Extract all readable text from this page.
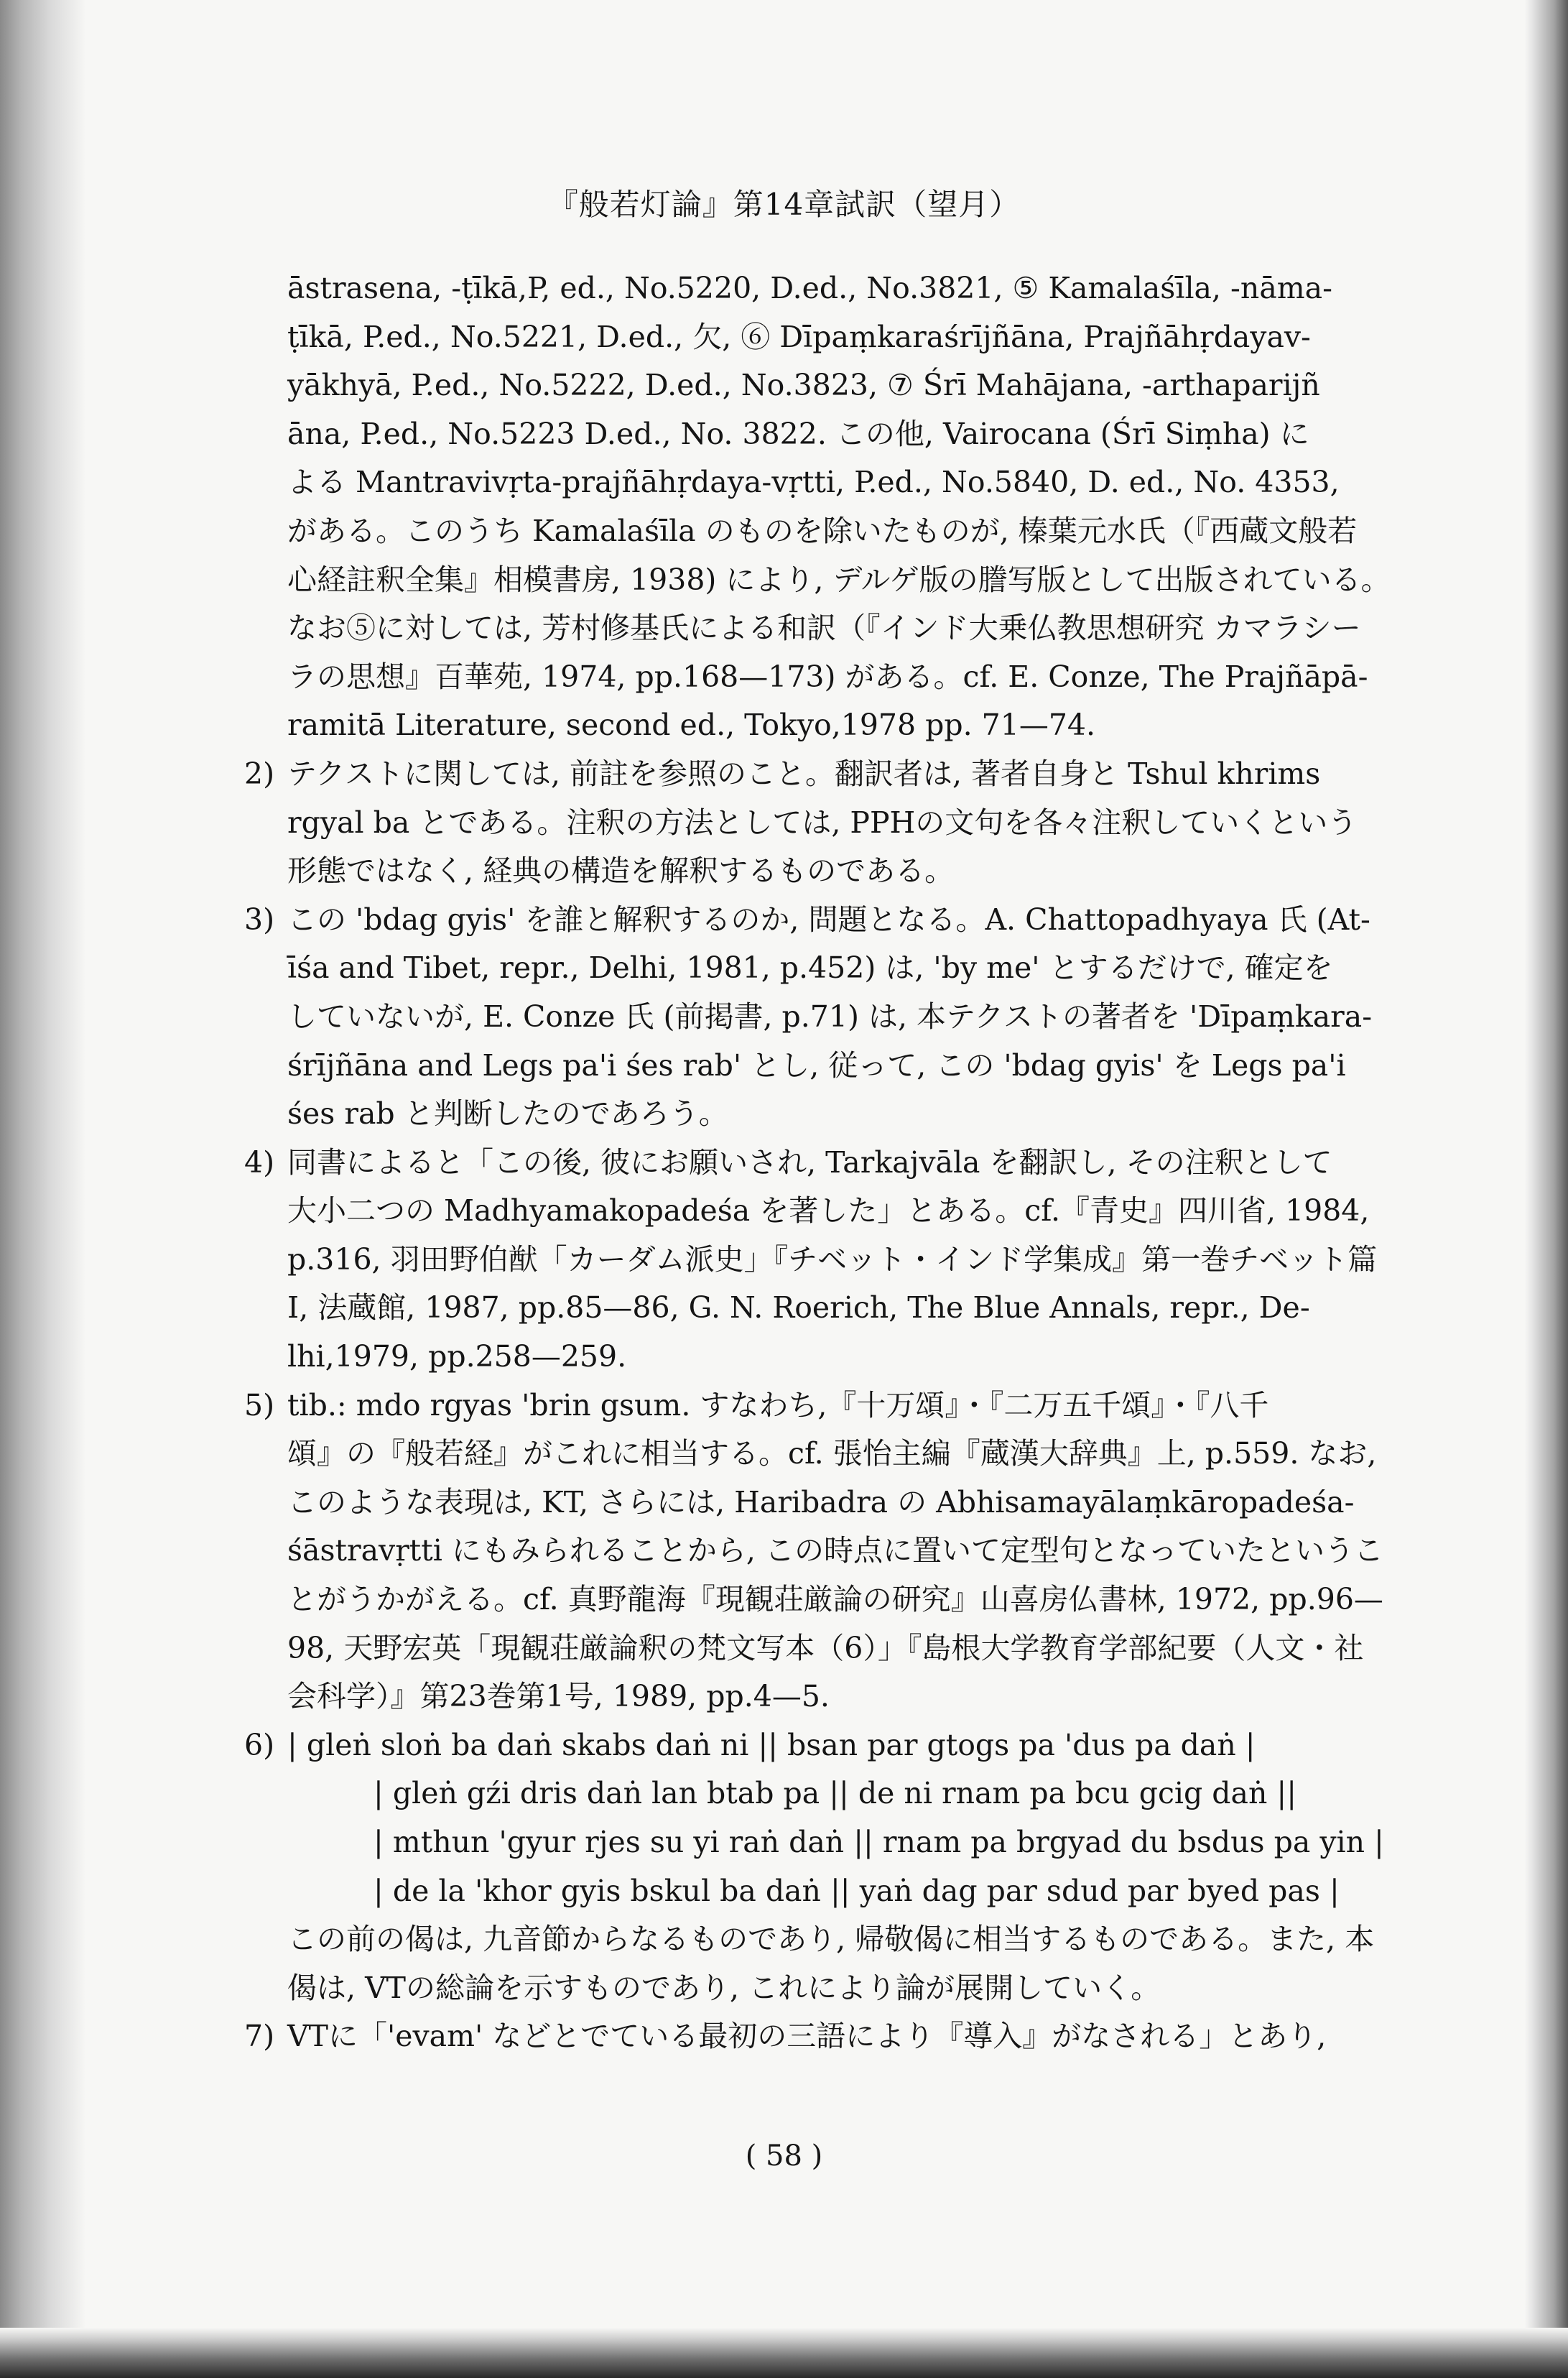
『般若灯論』第14章試訳（望月）
āstrasena, -ṭīkā,P, ed., No.5220, D.ed., No.3821, ⑤ Kamalaśīla, -nāma-
ṭīkā, P.ed., No.5221, D.ed., 欠, ⑥ Dīpaṃkaraśrījñāna, Prajñāhṛdayav-
yākhyā, P.ed., No.5222, D.ed., No.3823, ⑦ Śrī Mahājana, -arthaparijñ
āna, P.ed., No.5223 D.ed., No. 3822. この他, Vairocana (Śrī Siṃha) に
よる Mantravivṛta-prajñāhṛdaya-vṛtti, P.ed., No.5840, D. ed., No. 4353,
がある。このうち Kamalaśīla のものを除いたものが, 榛葉元水氏（『西蔵文般若
心経註釈全集』相模書房, 1938) により, デルゲ版の謄写版として出版されている。
なお⑤に対しては, 芳村修基氏による和訳（『インド大乗仏教思想研究 カマラシー
ラの思想』百華苑, 1974, pp.168—173) がある。cf. E. Conze, The Prajñāpā-
ramitā Literature, second ed., Tokyo,1978 pp. 71—74.
2) テクストに関しては, 前註を参照のこと。翻訳者は, 著者自身と Tshul khrims
rgyal ba とである。注釈の方法としては, PPHの文句を各々注釈していくという
形態ではなく, 経典の構造を解釈するものである。
3) この 'bdag gyis' を誰と解釈するのか, 問題となる。A. Chattopadhyaya 氏 (At-
īśa and Tibet, repr., Delhi, 1981, p.452) は, 'by me' とするだけで, 確定を
していないが, E. Conze 氏 (前掲書, p.71) は, 本テクストの著者を 'Dīpaṃkara-
śrījñāna and Legs pa'i śes rab' とし, 従って, この 'bdag gyis' を Legs pa'i
śes rab と判断したのであろう。
4) 同書によると「この後, 彼にお願いされ, Tarkajvāla を翻訳し, その注釈として
大小二つの Madhyamakopadeśa を著した」とある。cf.『青史』四川省, 1984,
p.316, 羽田野伯猷「カーダム派史」『チベット・インド学集成』第一巻チベット篇
Ⅰ, 法蔵館, 1987, pp.85—86, G. N. Roerich, The Blue Annals, repr., De-
lhi,1979, pp.258—259.
5) tib.: mdo rgyas 'brin gsum. すなわち,『十万頌』・『二万五千頌』・『八千
頌』の『般若経』がこれに相当する。cf. 張怡主編『蔵漢大辞典』上, p.559. なお,
このような表現は, KT, さらには, Haribadra の Abhisamayālaṃkāropadeśa-
śāstravṛtti にもみられることから, この時点に置いて定型句となっていたというこ
とがうかがえる。cf. 真野龍海『現観荘厳論の研究』山喜房仏書林, 1972, pp.96—
98, 天野宏英「現観荘厳論釈の梵文写本（6）」『島根大学教育学部紀要（人文・社
会科学）』第23巻第1号, 1989, pp.4—5.
6) | gleṅ sloṅ ba daṅ skabs daṅ ni || bsan par gtogs pa 'dus pa daṅ |
| gleṅ gźi dris daṅ lan btab pa || de ni rnam pa bcu gcig daṅ ||
| mthun 'gyur rjes su yi raṅ daṅ || rnam pa brgyad du bsdus pa yin |
| de la 'khor gyis bskul ba daṅ || yaṅ dag par sdud par byed pas |
この前の偈は, 九音節からなるものであり, 帰敬偈に相当するものである。また, 本
偈は, VTの総論を示すものであり, これにより論が展開していく。
7) VTに「'evam' などとでている最初の三語により『導入』がなされる」とあり,
( 58 )
